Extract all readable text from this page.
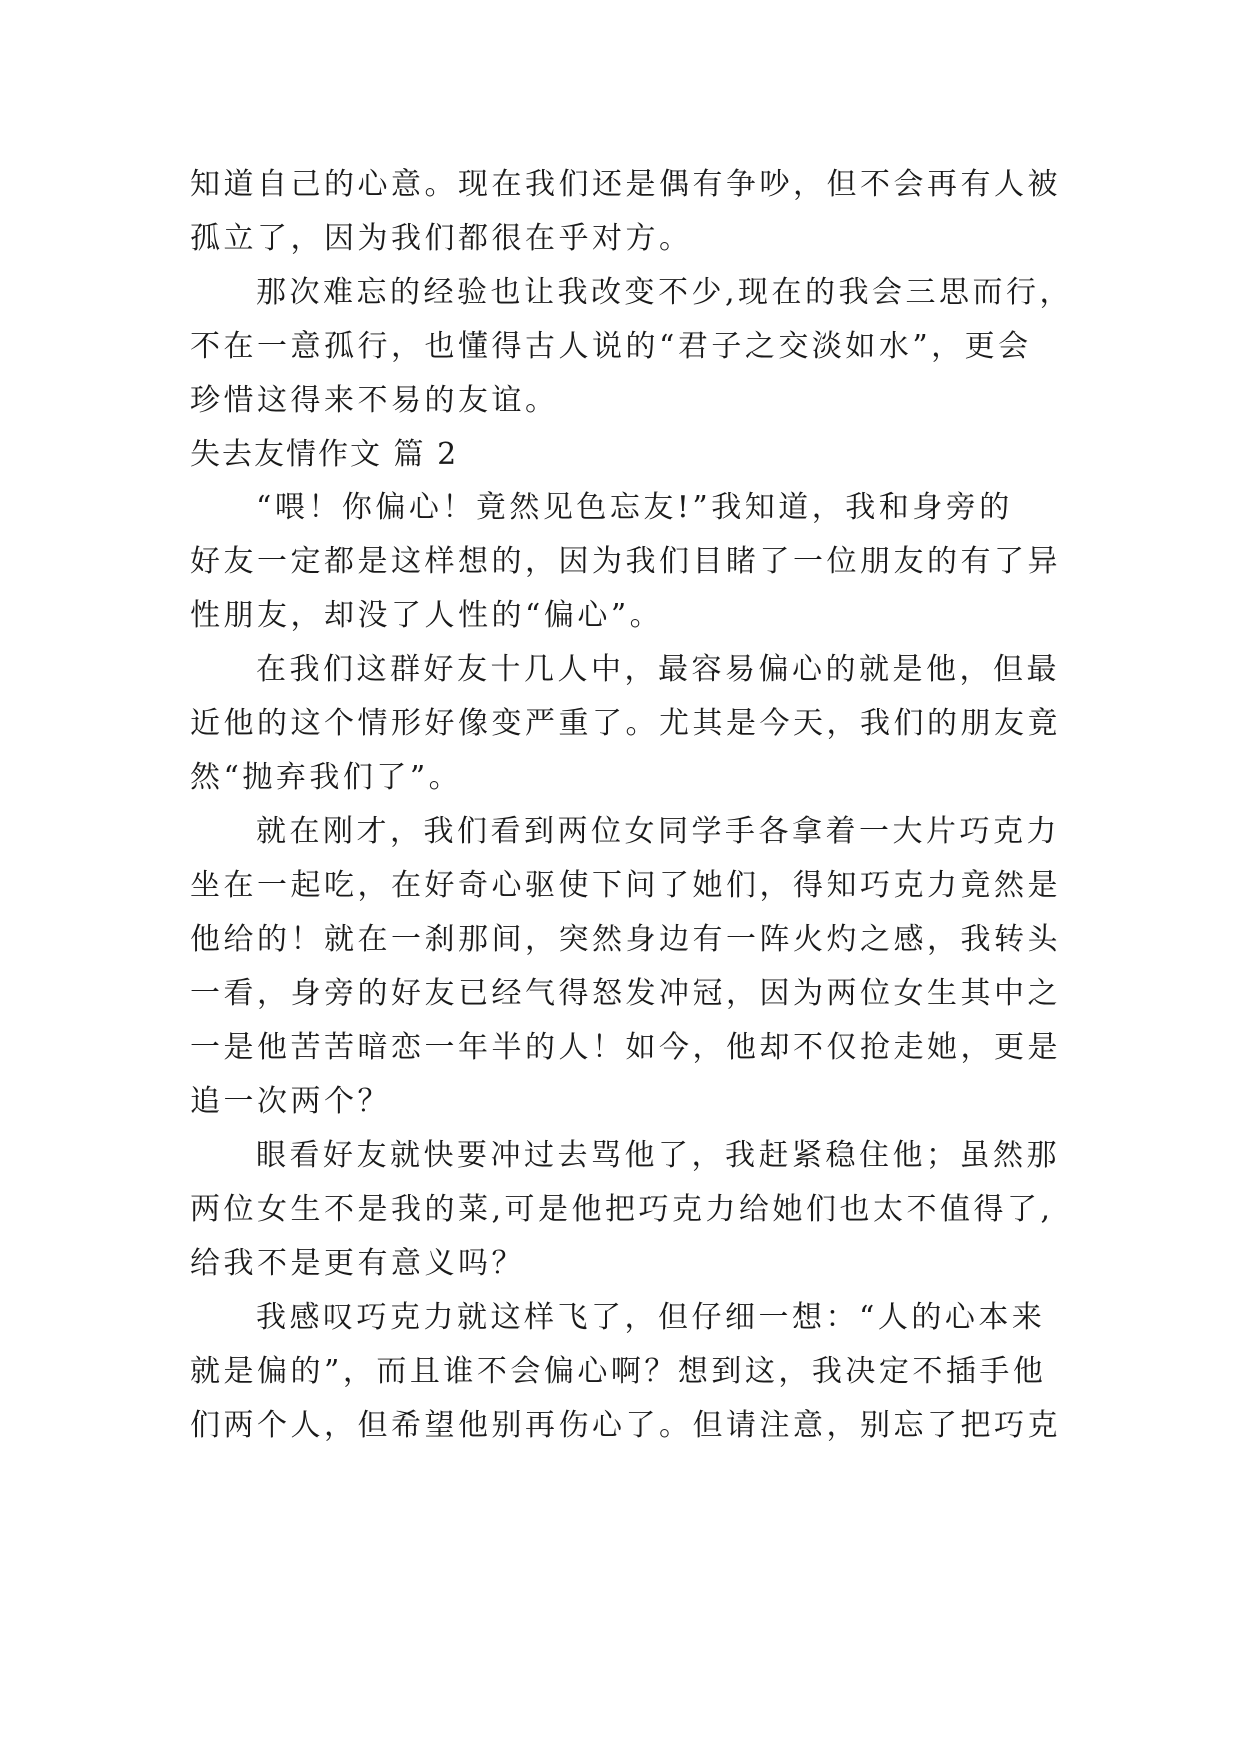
知道自己的心意。现在我们还是偶有争吵，但不会再有人被
孤立了，因为我们都很在乎对方。
那次难忘的经验也让我改变不少,现在的我会三思而行，
不在一意孤行，也懂得古人说的“君子之交淡如水”，更会
珍惜这得来不易的友谊。
失去友情作文 篇 2
“喂！你偏心！竟然见色忘友!”我知道，我和身旁的
好友一定都是这样想的，因为我们目睹了一位朋友的有了异
性朋友，却没了人性的“偏心”。
在我们这群好友十几人中，最容易偏心的就是他，但最
近他的这个情形好像变严重了。尤其是今天，我们的朋友竟
然“抛弃我们了”。
就在刚才，我们看到两位女同学手各拿着一大片巧克力
坐在一起吃，在好奇心驱使下问了她们，得知巧克力竟然是
他给的！就在一刹那间，突然身边有一阵火灼之感，我转头
一看，身旁的好友已经气得怒发冲冠，因为两位女生其中之
一是他苦苦暗恋一年半的人！如今，他却不仅抢走她，更是
追一次两个？
眼看好友就快要冲过去骂他了，我赶紧稳住他；虽然那
两位女生不是我的菜,可是他把巧克力给她们也太不值得了,
给我不是更有意义吗？
我感叹巧克力就这样飞了，但仔细一想：“人的心本来
就是偏的”，而且谁不会偏心啊？想到这，我决定不插手他
们两个人，但希望他别再伤心了。但请注意，别忘了把巧克
